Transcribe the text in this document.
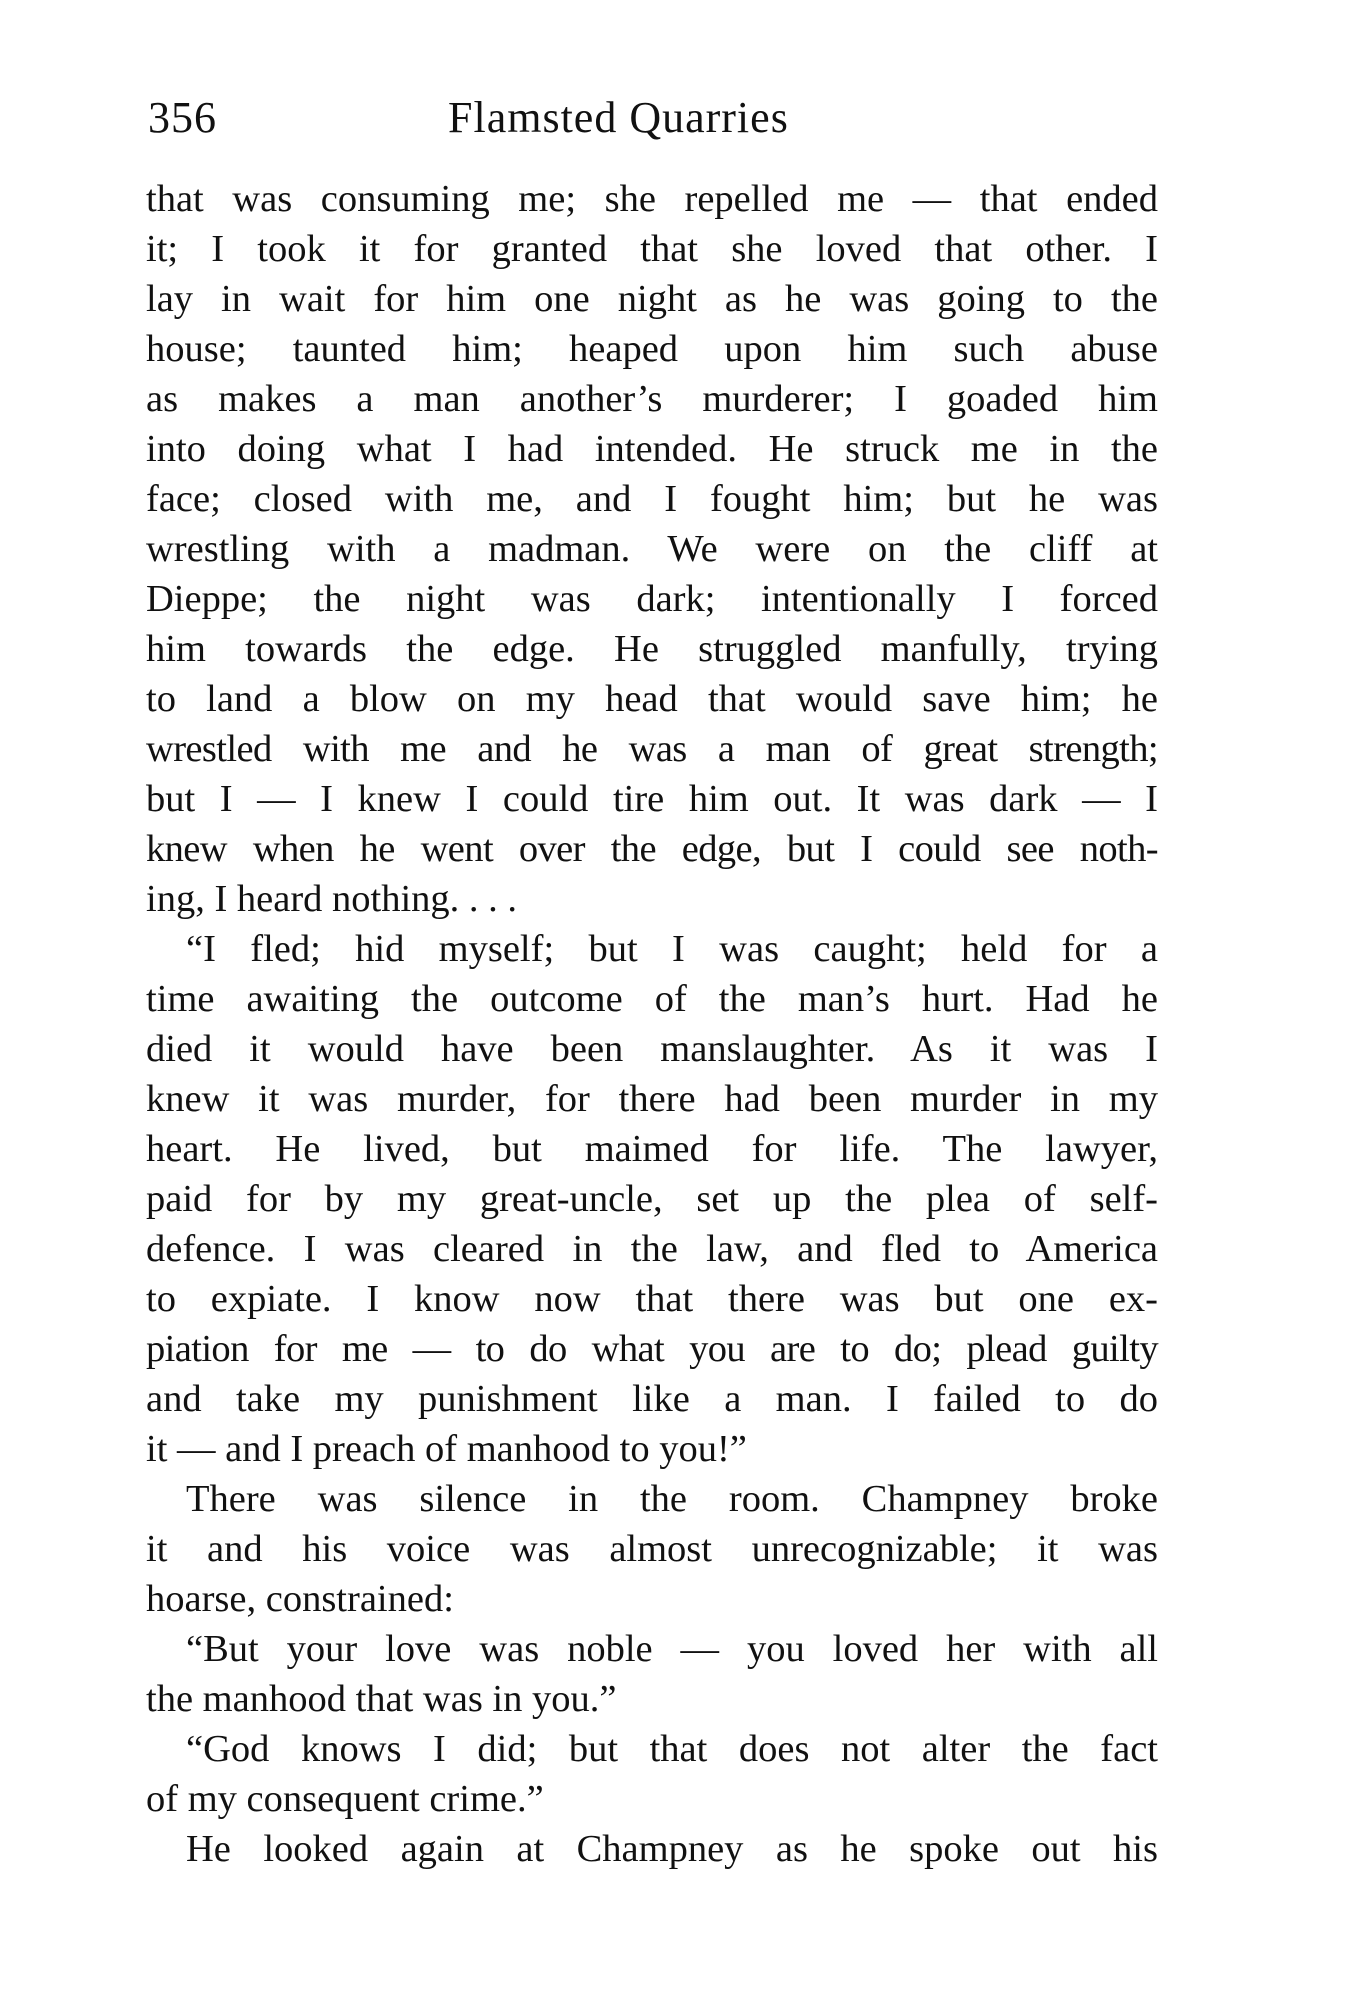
356	Flamsted Quarries
that was consuming me; she repelled me — that ended
it; I took it for granted that she loved that other. I
lay in wait for him one night as he was going to the
house; taunted him; heaped upon him such abuse
as makes a man another’s murderer; I goaded him
into doing what I had intended. He struck me in the
face; closed with me, and I fought him; but he was
wrestling with a madman. We were on the cliff at
Dieppe; the night was dark; intentionally I forced
him towards the edge. He struggled manfully, trying
to land a blow on my head that would save him; he
wrestled with me and he was a man of great strength;
but I — I knew I could tire him out. It was dark — I
knew when he went over the edge, but I could see noth-
ing, I heard nothing. . . .
“I fled; hid myself; but I was caught; held for a
time awaiting the outcome of the man’s hurt. Had he
died it would have been manslaughter. As it was I
knew it was murder, for there had been murder in my
heart. He lived, but maimed for life. The lawyer,
paid for by my great-uncle, set up the plea of self-
defence. I was cleared in the law, and fled to America
to expiate. I know now that there was but one ex-
piation for me — to do what you are to do; plead guilty
and take my punishment like a man. I failed to do
it — and I preach of manhood to you!”
There was silence in the room. Champney broke
it and his voice was almost unrecognizable; it was
hoarse, constrained:
“But your love was noble — you loved her with all
the manhood that was in you.”
“God knows I did; but that does not alter the fact
of my consequent crime.”
He looked again at Champney as he spoke out his
